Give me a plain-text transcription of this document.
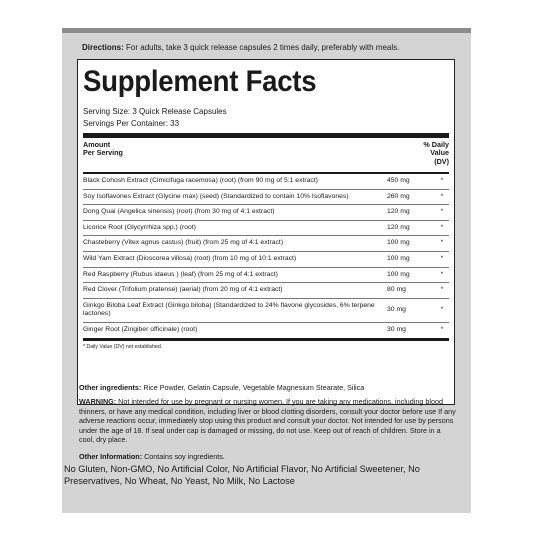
Directions: For adults, take 3 quick release capsules 2 times daily, preferably with meals.
Supplement Facts
Serving Size: 3 Quick Release Capsules
Servings Per Container: 33
Amount
Per Serving
% Daily
Value
(DV)
Black Cohosh Extract (Cimicifuga racemosa) (root) (from 90 mg of 5:1 extract)	450 mg	*
Soy Isoflavones Extract (Glycine max) (seed) (Standardized to contain 10% Isoflavones)	260 mg	*
Dong Quai (Angelica sinensis) (root) (from 30 mg of 4:1 extract)	120 mg	*
Licorice Root (Glycyrrhiza spp.) (root)	120 mg	*
Chasteberry (Vitex agnus castus) (fruit) (from 25 mg of 4:1 extract)	100 mg	*
Wild Yam Extract (Dioscorea villosa) (root) (from 10 mg of 10:1 extract)	100 mg	*
Red Raspberry (Rubus idaeus ) (leaf) (from 25 mg of 4:1 extract)	100 mg	*
Red Clover (Trifolium pratense) (aerial) (from 20 mg of 4:1 extract)	80 mg	*
Ginkgo Biloba Leaf Extract (Ginkgo biloba) (Standardized to 24% flavone glycosides, 6% terpene lactones)
30 mg	*
Ginger Root (Zingiber officinale) (root)	30 mg	*
* Daily Value (DV) not established.
Other ingredients: Rice Powder, Gelatin Capsule, Vegetable Magnesium Stearate, Silica
WARNING: Not intended for use by pregnant or nursing women. If you are taking any medications, including blood thinners, or have any medical condition, including liver or blood clotting disorders, consult your doctor before use If any adverse reactions occur, immediately stop using this product and consult your doctor. Not intended for use by persons under the age of 18. If seal under cap is damaged or missing, do not use. Keep out of reach of children. Store in a cool, dry place.
Other Information: Contains soy ingredients.
No Gluten, Non-GMO, No Artificial Color, No Artificial Flavor, No Artificial Sweetener, No Preservatives, No Wheat, No Yeast, No Milk, No Lactose
